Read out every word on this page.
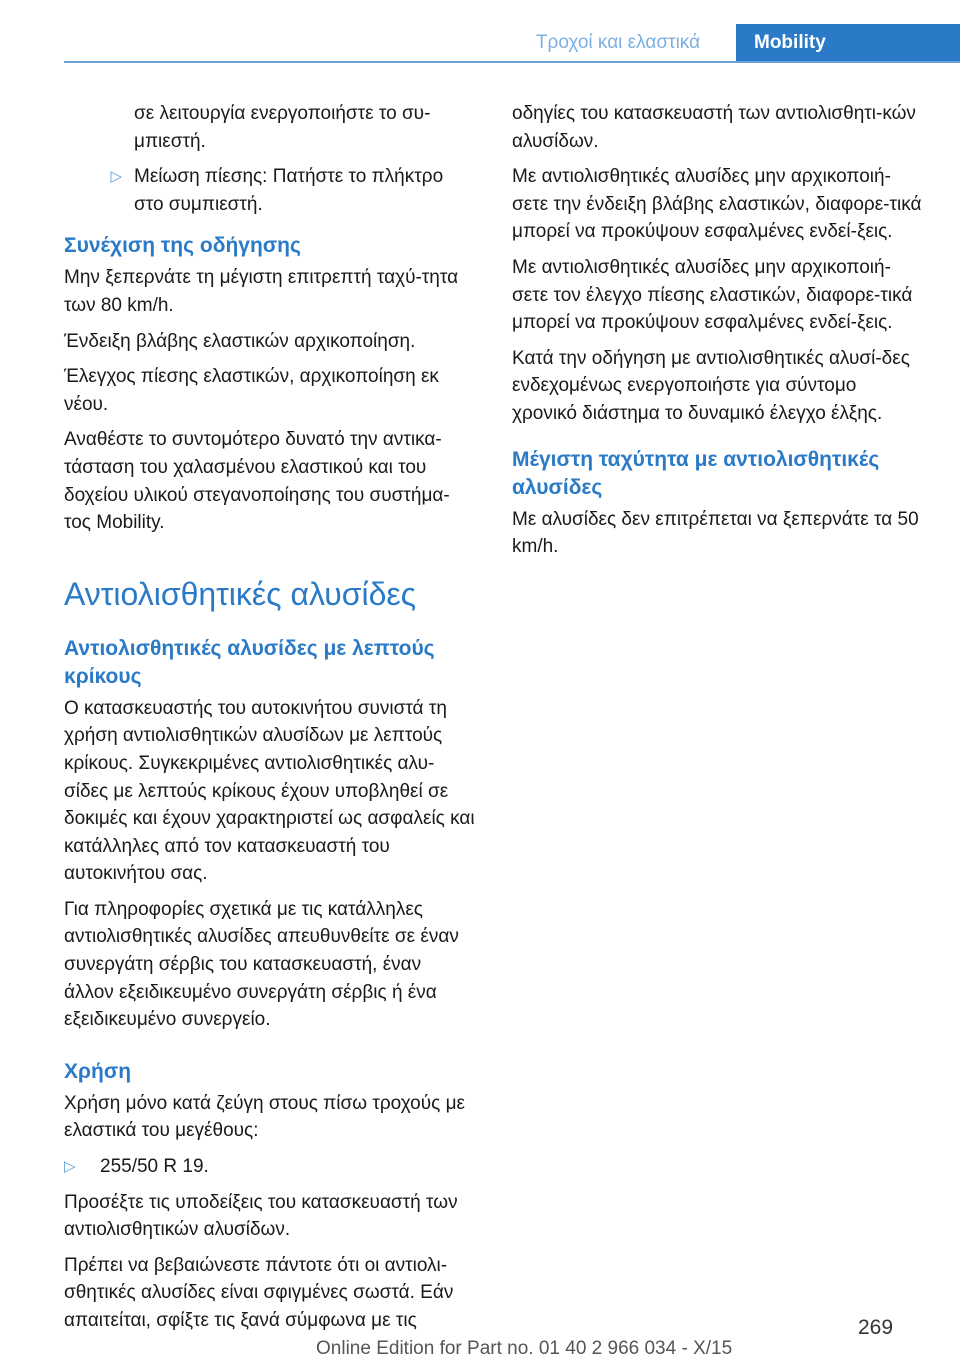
Τροχοί και ελαστικά	Mobility

σε λειτουργία ενεργοποιήστε το συ-μπιεστή.

▷ Μείωση πίεσης: Πατήστε το πλήκτρο στο συμπιεστή.
Συνέχιση της οδήγησης

Μην ξεπερνάτε τη μέγιστη επιτρεπτή ταχύ-τητα των 80 km/h.

Ένδειξη βλάβης ελαστικών αρχικοποίηση.

Έλεγχος πίεσης ελαστικών, αρχικοποίηση εκ νέου.

Αναθέστε το συντομότερο δυνατό την αντικα-τάσταση του χαλασμένου ελαστικού και του δοχείου υλικού στεγανοποίησης του συστήμα-τος Mobility.

Αντιολισθητικές αλυσίδες
Αντιολισθητικές αλυσίδες με λεπτούς κρίκους

Ο κατασκευαστής του αυτοκινήτου συνιστά τη χρήση αντιολισθητικών αλυσίδων με λεπτούς κρίκους. Συγκεκριμένες αντιολισθητικές αλυ-σίδες με λεπτούς κρίκους έχουν υποβληθεί σε δοκιμές και έχουν χαρακτηριστεί ως ασφαλείς και κατάλληλες από τον κατασκευαστή του αυτοκινήτου σας.

Για πληροφορίες σχετικά με τις κατάλληλες αντιολισθητικές αλυσίδες απευθυνθείτε σε έναν συνεργάτη σέρβις του κατασκευαστή, έναν άλλον εξειδικευμένο συνεργάτη σέρβις ή ένα εξειδικευμένο συνεργείο.

Χρήση

Χρήση μόνο κατά ζεύγη στους πίσω τροχούς με ελαστικά του μεγέθους:

▷	255/50 R 19.

Προσέξτε τις υποδείξεις του κατασκευαστή των αντιολισθητικών αλυσίδων.

Πρέπει να βεβαιώνεστε πάντοτε ότι οι αντιολι-σθητικές αλυσίδες είναι σφιγμένες σωστά. Εάν απαιτείται, σφίξτε τις ξανά σύμφωνα με τις

οδηγίες του κατασκευαστή των αντιολισθητι-κών αλυσίδων.

Με αντιολισθητικές αλυσίδες μην αρχικοποιή-σετε την ένδειξη βλάβης ελαστικών, διαφορε-τικά μπορεί να προκύψουν εσφαλμένες ενδεί-ξεις.

Με αντιολισθητικές αλυσίδες μην αρχικοποιή-σετε τον έλεγχο πίεσης ελαστικών, διαφορε-τικά μπορεί να προκύψουν εσφαλμένες ενδεί-ξεις.

Κατά την οδήγηση με αντιολισθητικές αλυσί-δες ενδεχομένως ενεργοποιήστε για σύντομο χρονικό διάστημα το δυναμικό έλεγχο έλξης.

Μέγιστη ταχύτητα με αντιολισθητικές αλυσίδες

Με αλυσίδες δεν επιτρέπεται να ξεπερνάτε τα 50 km/h.

269
Online Edition for Part no. 01 40 2 966 034 - X/15
